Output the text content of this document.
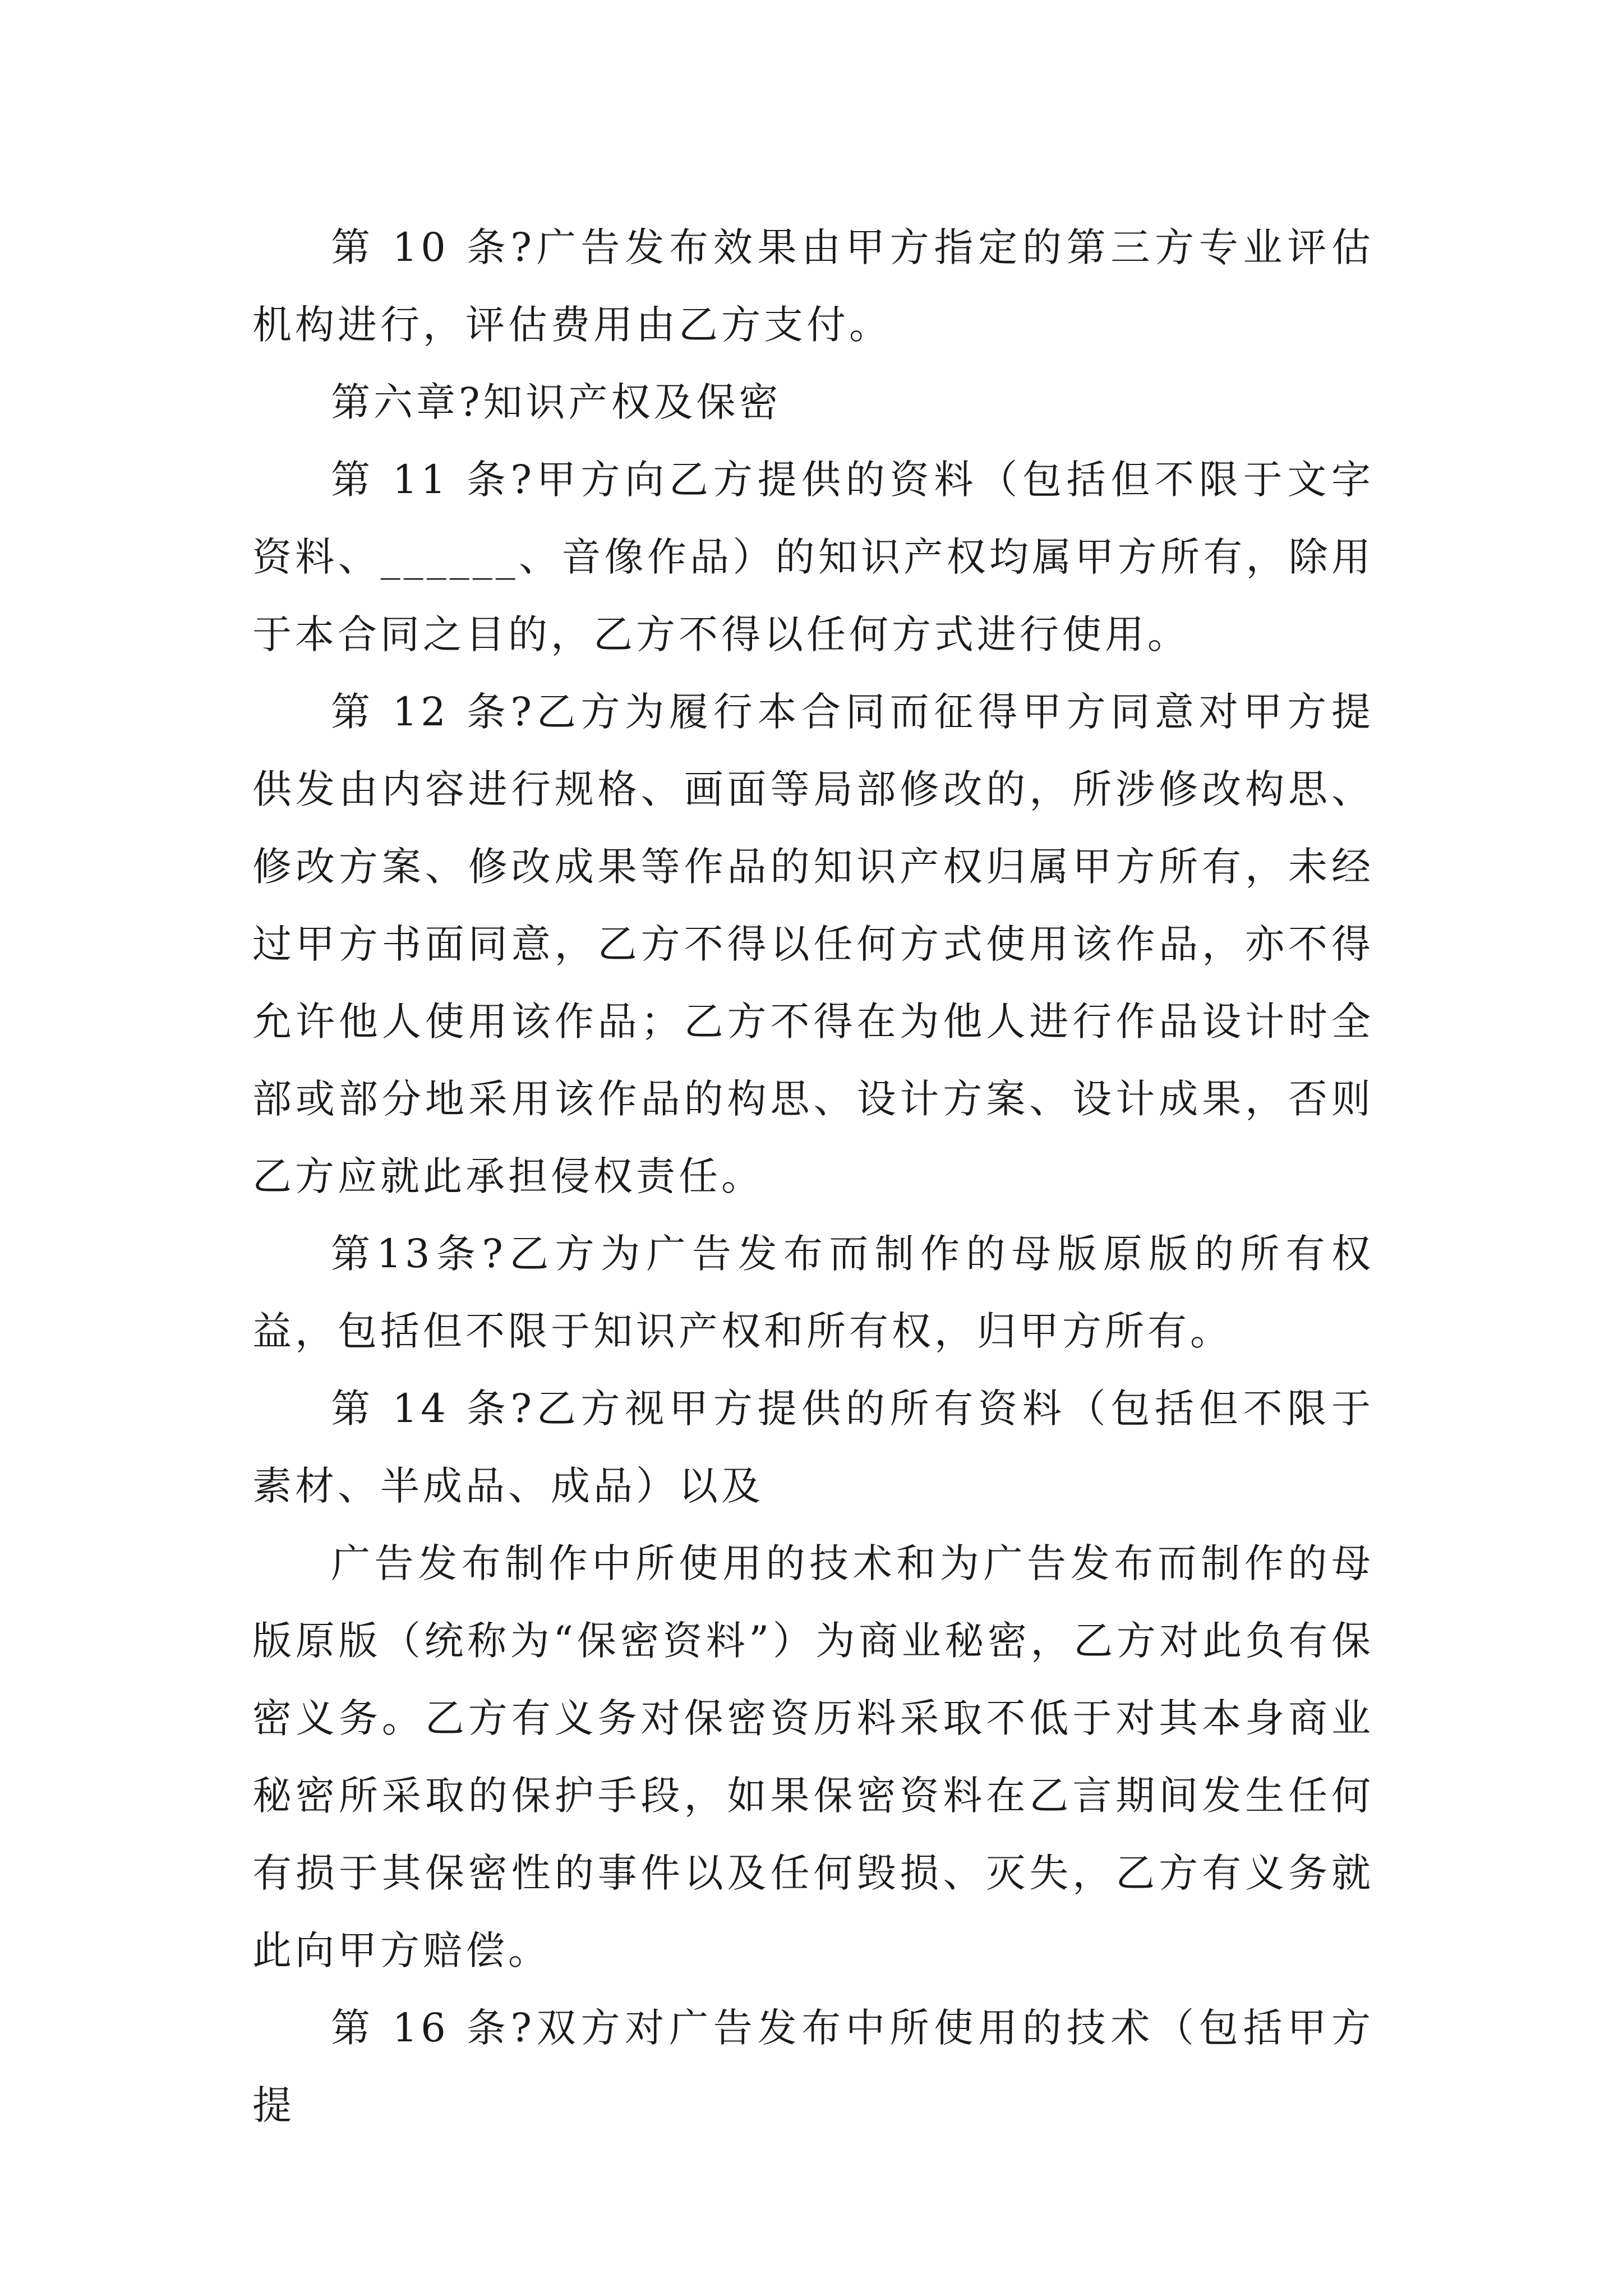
第 10 条?广告发布效果由甲方指定的第三方专业评估机构进行，评估费用由乙方支付。

第六章?知识产权及保密

第 11 条?甲方向乙方提供的资料（包括但不限于文字资料、______、音像作品）的知识产权均属甲方所有，除用于本合同之目的，乙方不得以任何方式进行使用。

第 12 条?乙方为履行本合同而征得甲方同意对甲方提供发由内容进行规格、画面等局部修改的，所涉修改构思、修改方案、修改成果等作品的知识产权归属甲方所有，未经过甲方书面同意，乙方不得以任何方式使用该作品，亦不得允许他人使用该作品；乙方不得在为他人进行作品设计时全部或部分地采用该作品的构思、设计方案、设计成果，否则乙方应就此承担侵权责任。

第13条?乙方为广告发布而制作的母版原版的所有权益，包括但不限于知识产权和所有权，归甲方所有。

第 14 条?乙方视甲方提供的所有资料（包括但不限于素材、半成品、成品）以及

广告发布制作中所使用的技术和为广告发布而制作的母版原版（统称为“保密资料”）为商业秘密，乙方对此负有保密义务。乙方有义务对保密资历料采取不低于对其本身商业秘密所采取的保护手段，如果保密资料在乙言期间发生任何有损于其保密性的事件以及任何毁损、灭失，乙方有义务就此向甲方赔偿。

第 16 条?双方对广告发布中所使用的技术（包括甲方提
